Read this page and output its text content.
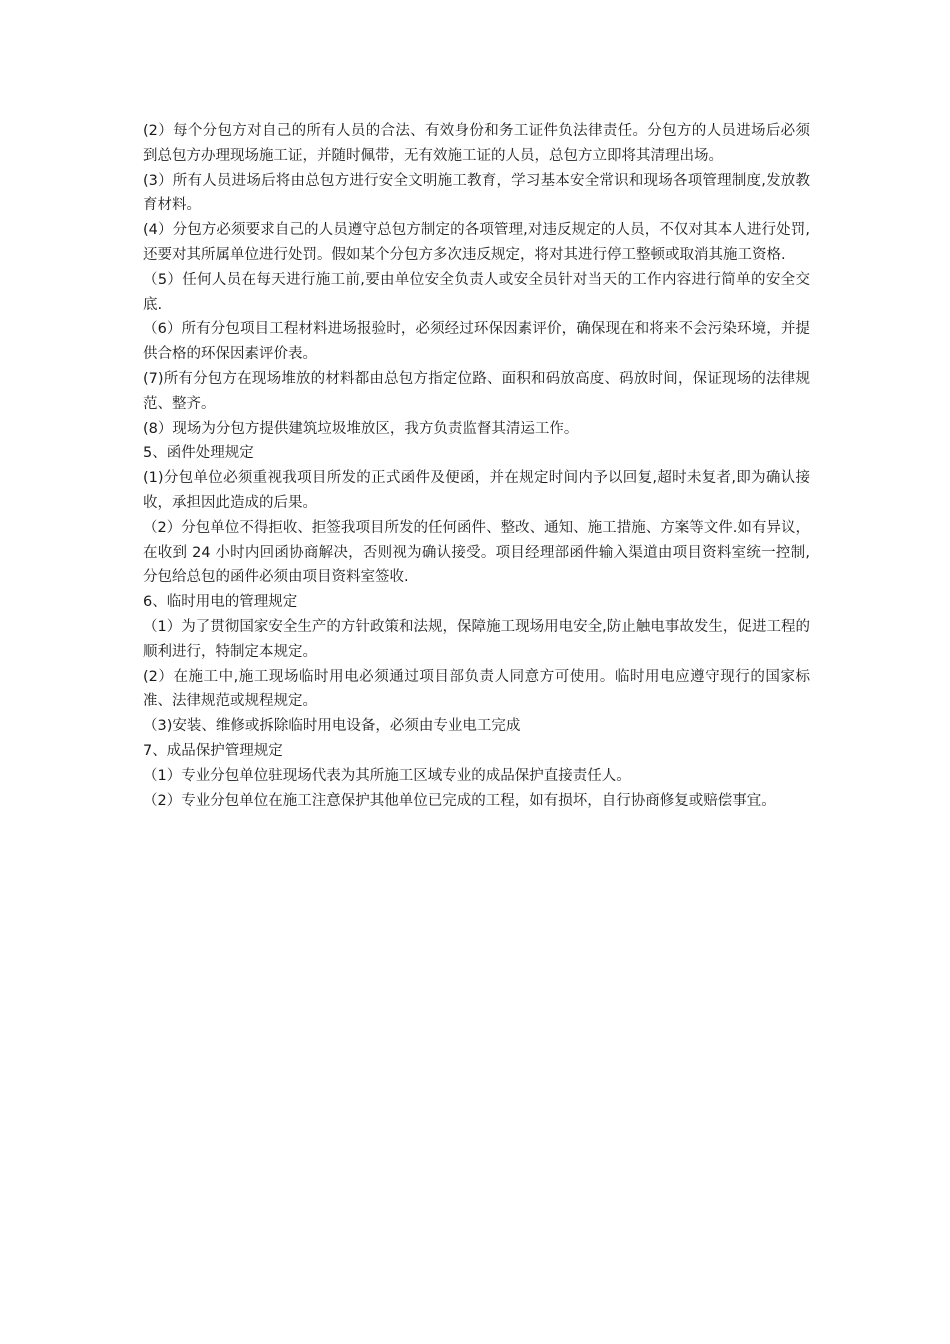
(2）每个分包方对自己的所有人员的合法、有效身份和务工证件负法律责任。分包方的人员进场后必须到总包方办理现场施工证，并随时佩带，无有效施工证的人员，总包方立即将其清理出场。

(3）所有人员进场后将由总包方进行安全文明施工教育，学习基本安全常识和现场各项管理制度,发放教育材料。

(4）分包方必须要求自己的人员遵守总包方制定的各项管理,对违反规定的人员，不仅对其本人进行处罚,还要对其所属单位进行处罚。假如某个分包方多次违反规定，将对其进行停工整顿或取消其施工资格.

（5）任何人员在每天进行施工前,要由单位安全负责人或安全员针对当天的工作内容进行简单的安全交底.

（6）所有分包项目工程材料进场报验时，必须经过环保因素评价，确保现在和将来不会污染环境，并提供合格的环保因素评价表。

(7)所有分包方在现场堆放的材料都由总包方指定位路、面积和码放高度、码放时间，保证现场的法律规范、整齐。

(8）现场为分包方提供建筑垃圾堆放区，我方负责监督其清运工作。

5、函件处理规定

(1)分包单位必须重视我项目所发的正式函件及便函，并在规定时间内予以回复,超时未复者,即为确认接收，承担因此造成的后果。

（2）分包单位不得拒收、拒签我项目所发的任何函件、整改、通知、施工措施、方案等文件.如有异议，在收到 24 小时内回函协商解决，否则视为确认接受。项目经理部函件输入渠道由项目资料室统一控制,分包给总包的函件必须由项目资料室签收.

6、临时用电的管理规定

（1）为了贯彻国家安全生产的方针政策和法规，保障施工现场用电安全,防止触电事故发生，促进工程的顺利进行，特制定本规定。

(2）在施工中,施工现场临时用电必须通过项目部负责人同意方可使用。临时用电应遵守现行的国家标准、法律规范或规程规定。

（3)安装、维修或拆除临时用电设备，必须由专业电工完成

7、成品保护管理规定

（1）专业分包单位驻现场代表为其所施工区域专业的成品保护直接责任人。

（2）专业分包单位在施工注意保护其他单位已完成的工程，如有损坏，自行协商修复或赔偿事宜。
